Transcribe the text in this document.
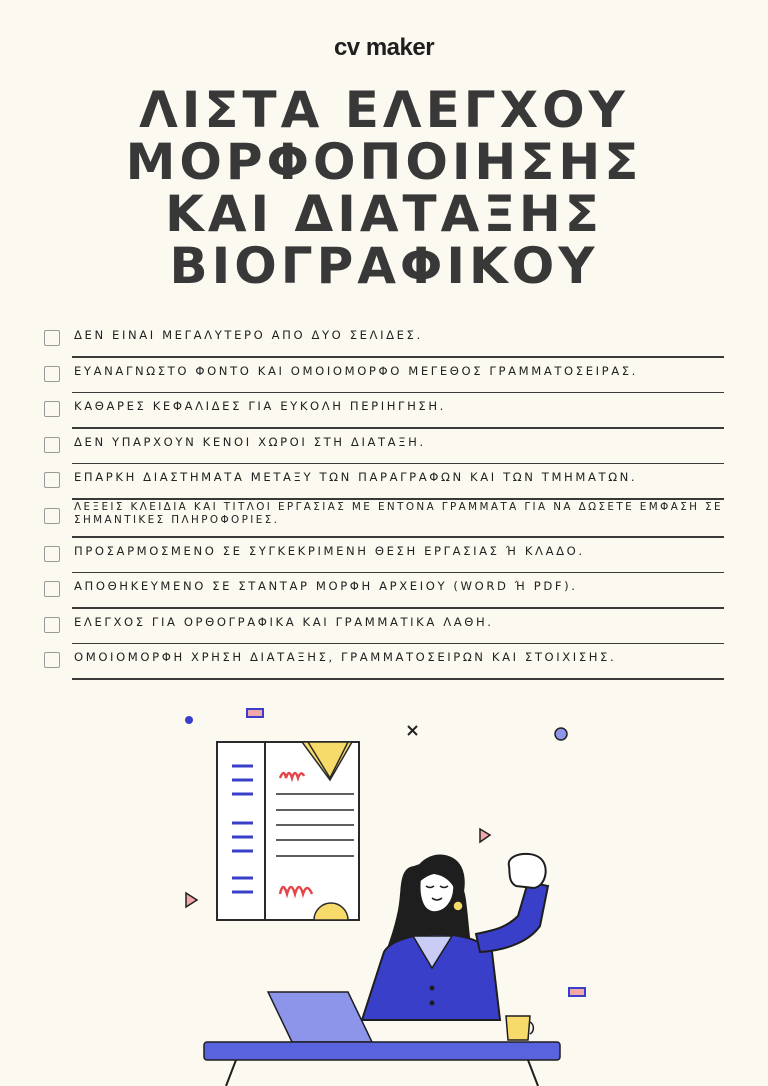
cv maker
ΛΙΣΤΑ ΕΛΕΓΧΟΥ
ΜΟΡΦΟΠΟΙΗΣΗΣ
ΚΑΙ ΔΙΑΤΑΞΗΣ
ΒΙΟΓΡΑΦΙΚΟΥ
ΔΕΝ ΕΙΝΑΙ ΜΕΓΑΛΥΤΕΡΟ ΑΠΟ ΔΥΟ ΣΕΛΙΔΕΣ.
ΕΥΑΝΑΓΝΩΣΤΟ ΦΟΝΤΟ ΚΑΙ ΟΜΟΙΟΜΟΡΦΟ ΜΕΓΕΘΟΣ ΓΡΑΜΜΑΤΟΣΕΙΡΑΣ.
ΚΑΘΑΡΕΣ ΚΕΦΑΛΙΔΕΣ ΓΙΑ ΕΥΚΟΛΗ ΠΕΡΙΗΓΗΣΗ.
ΔΕΝ ΥΠΑΡΧΟΥΝ ΚΕΝΟΙ ΧΩΡΟΙ ΣΤΗ ΔΙΑΤΑΞΗ.
ΕΠΑΡΚΗ ΔΙΑΣΤΗΜΑΤΑ ΜΕΤΑΞΥ ΤΩΝ ΠΑΡΑΓΡΑΦΩΝ ΚΑΙ ΤΩΝ ΤΜΗΜΑΤΩΝ.
ΛΕΞΕΙΣ ΚΛΕΙΔΙΑ ΚΑΙ ΤΙΤΛΟΙ ΕΡΓΑΣΙΑΣ ΜΕ ΕΝΤΟΝΑ ΓΡΑΜΜΑΤΑ ΓΙΑ ΝΑ ΔΩΣΕΤΕ ΕΜΦΑΣΗ ΣΕ ΣΗΜΑΝΤΙΚΕΣ ΠΛΗΡΟΦΟΡΙΕΣ.
ΠΡΟΣΑΡΜΟΣΜΕΝΟ ΣΕ ΣΥΓΚΕΚΡΙΜΕΝΗ ΘΕΣΗ ΕΡΓΑΣΙΑΣ Ή ΚΛΑΔΟ.
ΑΠΟΘΗΚΕΥΜΕΝΟ ΣΕ ΣΤΑΝΤΑΡ ΜΟΡΦΗ ΑΡΧΕΙΟΥ (WORD Ή PDF).
ΕΛΕΓΧΟΣ ΓΙΑ ΟΡΘΟΓΡΑΦΙΚΑ ΚΑΙ ΓΡΑΜΜΑΤΙΚΑ ΛΑΘΗ.
ΟΜΟΙΟΜΟΡΦΗ ΧΡΗΣΗ ΔΙΑΤΑΞΗΣ, ΓΡΑΜΜΑΤΟΣΕΙΡΩΝ ΚΑΙ ΣΤΟΙΧΙΣΗΣ.
